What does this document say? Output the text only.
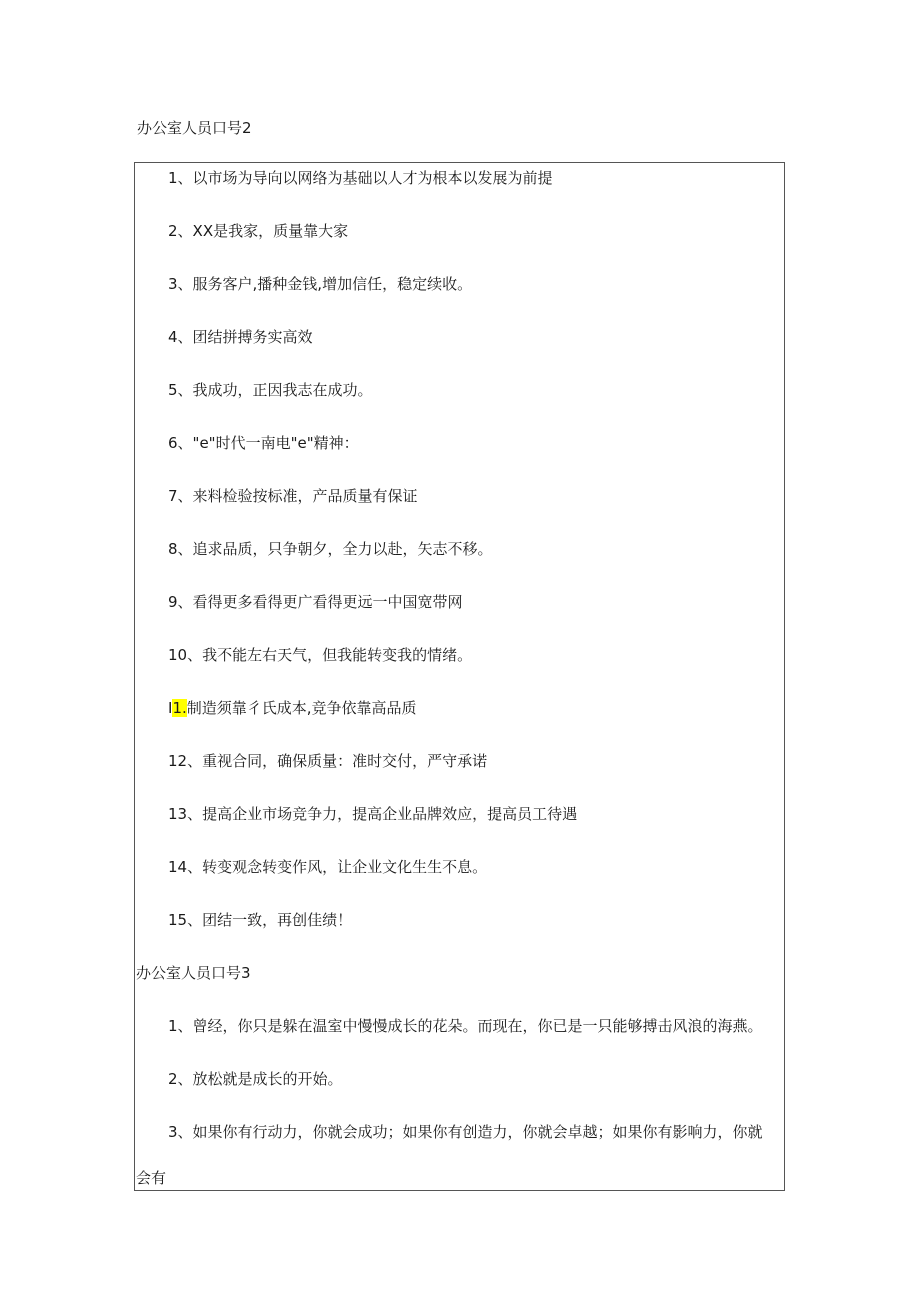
办公室人员口号2
1、以市场为导向以网络为基础以人才为根本以发展为前提
2、XX是我家，质量靠大家
3、服务客户,播种金钱,增加信任，稳定续收。
4、团结拼搏务实高效
5、我成功，正因我志在成功。
6、"e"时代一南电"e"精神：
7、来料检验按标准，产品质量有保证
8、追求品质，只争朝夕，全力以赴，矢志不移。
9、看得更多看得更广看得更远一中国宽带网
10、我不能左右天气，但我能转变我的情绪。
I1.制造须靠彳氏成本,竞争依靠高品质
12、重视合同，确保质量：准时交付，严守承诺
13、提高企业市场竞争力，提高企业品牌效应，提高员工待遇
14、转变观念转变作风，让企业文化生生不息。
15、团结一致，再创佳绩！
办公室人员口号3
1、曾经，你只是躲在温室中慢慢成长的花朵。而现在，你已是一只能够搏击风浪的海燕。
2、放松就是成长的开始。
3、如果你有行动力，你就会成功；如果你有创造力，你就会卓越；如果你有影响力，你就
会有
